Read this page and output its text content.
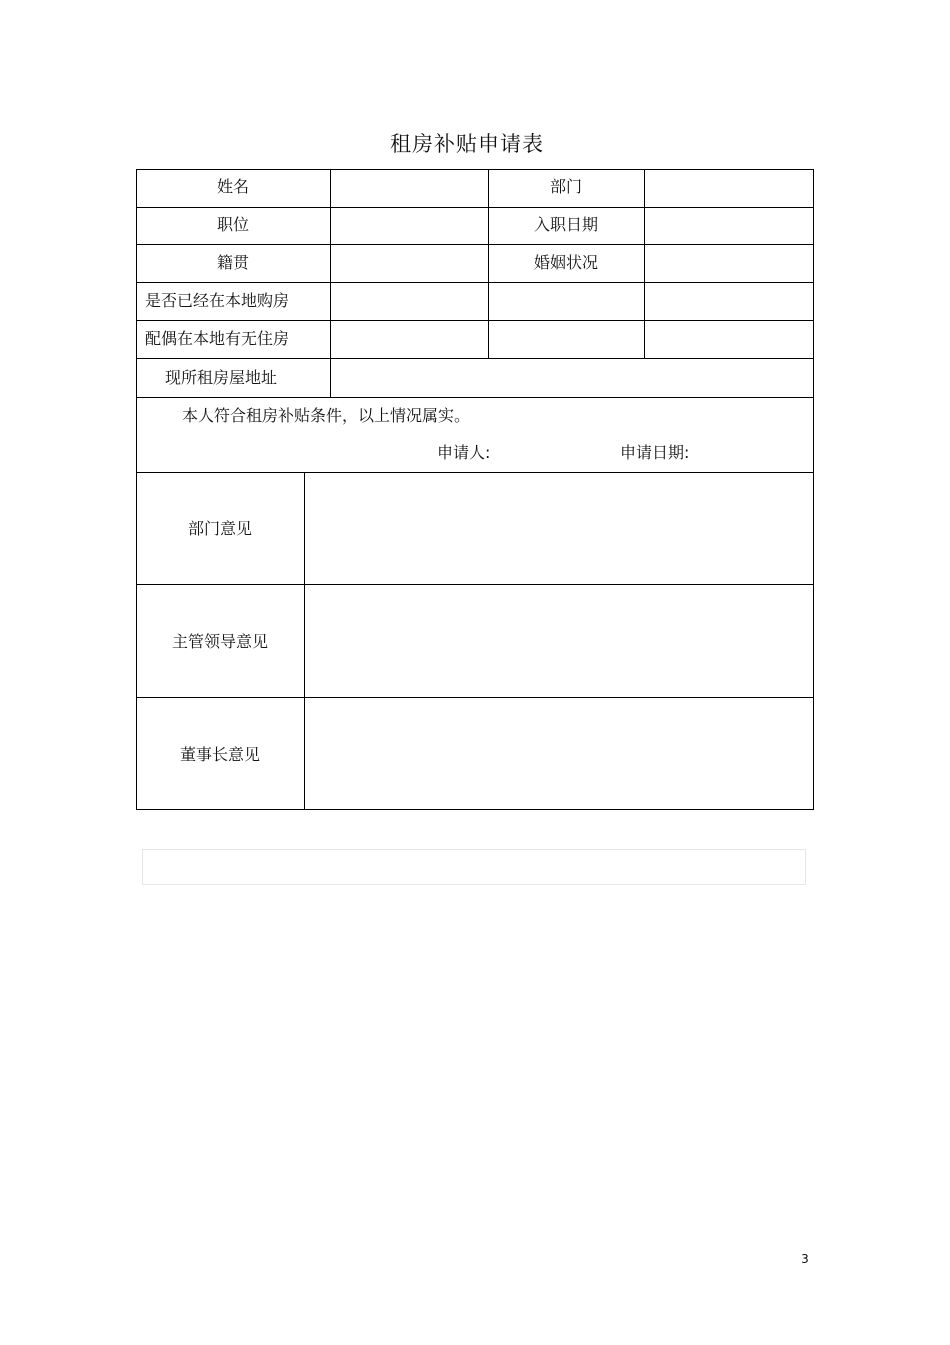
租房补贴申请表
姓名	部门
职位	入职日期
籍贯	婚姻状况
是否已经在本地购房
配偶在本地有无住房
现所租房屋地址
本人符合租房补贴条件，以上情况属实。
申请人:	申请日期:
部门意见
主管领导意见
董事长意见
3
